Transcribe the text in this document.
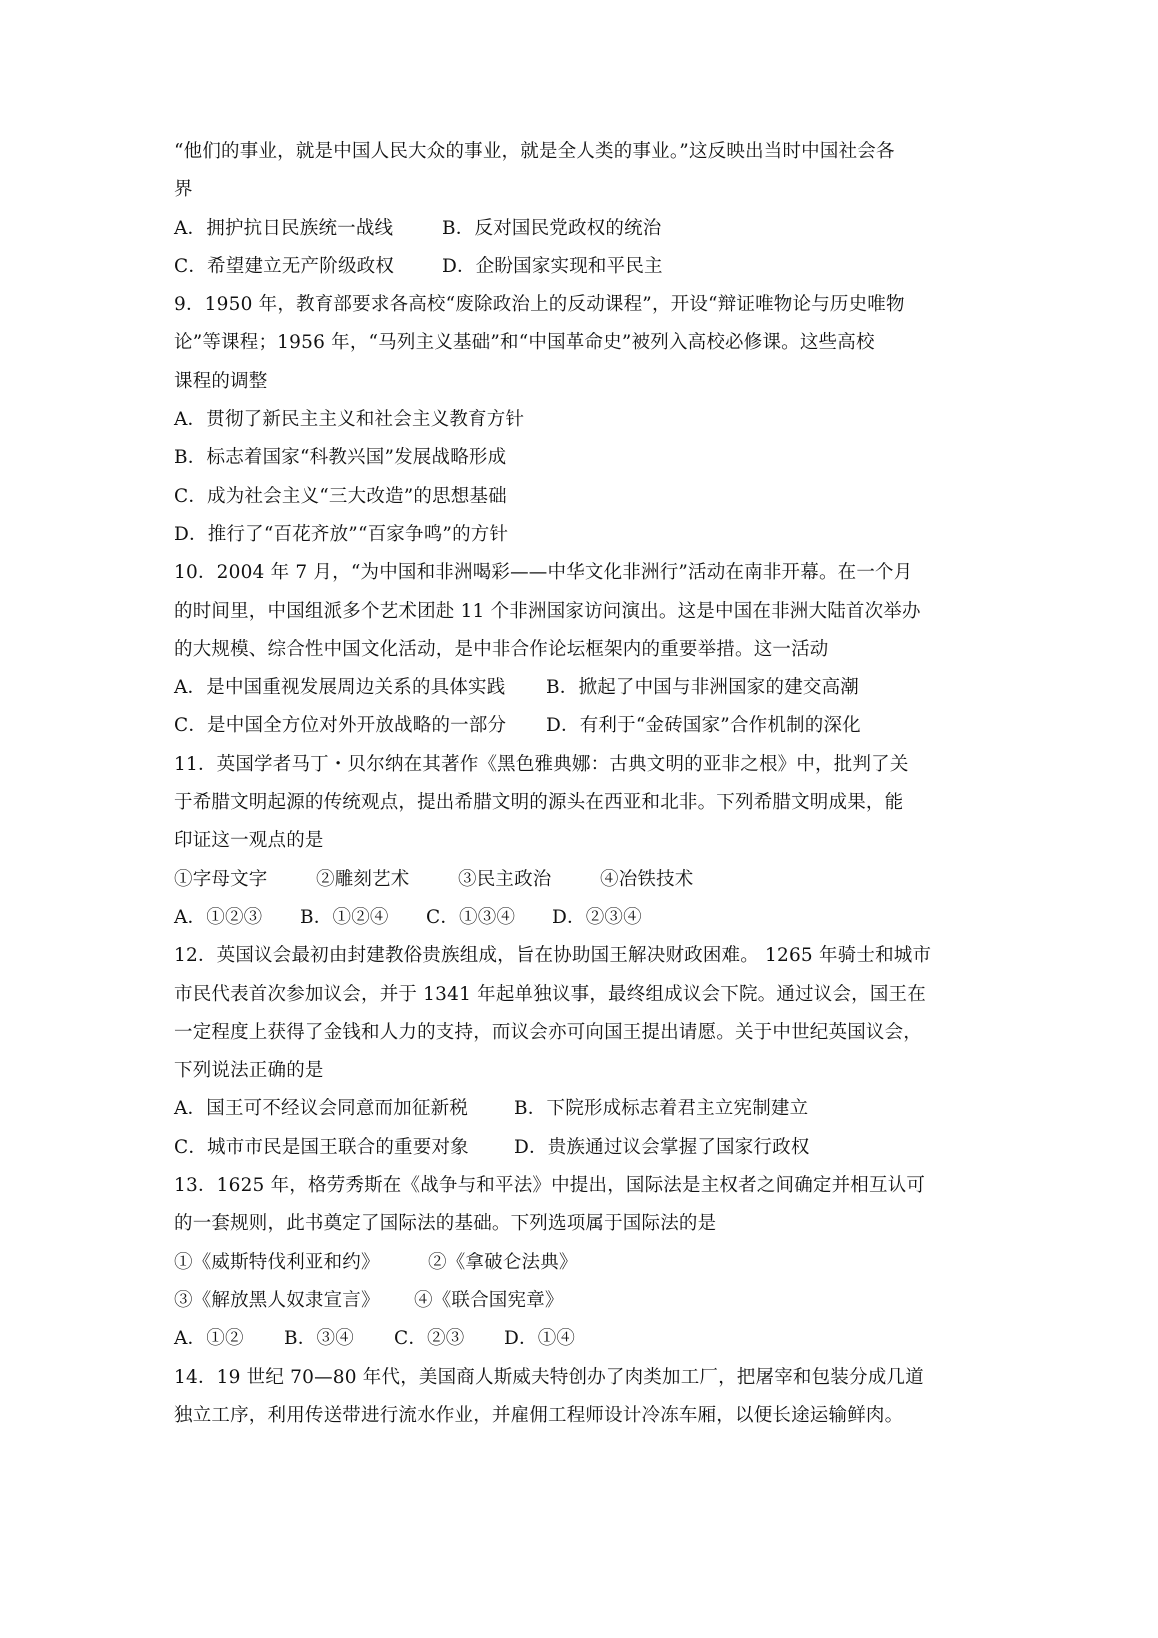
“他们的事业，就是中国人民大众的事业，就是全人类的事业。”这反映出当时中国社会各
界
A．拥护抗日民族统一战线	B．反对国民党政权的统治
C．希望建立无产阶级政权	D．企盼国家实现和平民主
9．1950 年，教育部要求各高校“废除政治上的反动课程”，开设“辩证唯物论与历史唯物
论”等课程；1956 年，“马列主义基础”和“中国革命史”被列入高校必修课。这些高校
课程的调整
A．贯彻了新民主主义和社会主义教育方针
B．标志着国家“科教兴国”发展战略形成
C．成为社会主义“三大改造”的思想基础
D．推行了“百花齐放”“百家争鸣”的方针
10．2004 年 7 月，“为中国和非洲喝彩——中华文化非洲行”活动在南非开幕。在一个月
的时间里，中国组派多个艺术团赴 11 个非洲国家访问演出。这是中国在非洲大陆首次举办
的大规模、综合性中国文化活动，是中非合作论坛框架内的重要举措。这一活动
A．是中国重视发展周边关系的具体实践 B．掀起了中国与非洲国家的建交高潮
C．是中国全方位对外开放战略的一部分 D．有利于“金砖国家”合作机制的深化
11．英国学者马丁・贝尔纳在其著作《黑色雅典娜：古典文明的亚非之根》中，批判了关
于希腊文明起源的传统观点，提出希腊文明的源头在西亚和北非。下列希腊文明成果，能
印证这一观点的是
①字母文字	②雕刻艺术	③民主政治	④冶铁技术
A．①②③ B．①②④ C．①③④ D．②③④
12．英国议会最初由封建教俗贵族组成，旨在协助国王解决财政困难。 1265 年骑士和城市
市民代表首次参加议会，并于 1341 年起单独议事，最终组成议会下院。通过议会，国王在
一定程度上获得了金钱和人力的支持，而议会亦可向国王提出请愿。关于中世纪英国议会，
下列说法正确的是
A．国王可不经议会同意而加征新税 B．下院形成标志着君主立宪制建立
C．城市市民是国王联合的重要对象 D．贵族通过议会掌握了国家行政权
13．1625 年，格劳秀斯在《战争与和平法》中提出，国际法是主权者之间确定并相互认可
的一套规则，此书奠定了国际法的基础。下列选项属于国际法的是
①《威斯特伐利亚和约》	②《拿破仑法典》
③《解放黑人奴隶宣言》 ④《联合国宪章》
A．①② B．③④ C．②③ D．①④
14．19 世纪 70—80 年代，美国商人斯威夫特创办了肉类加工厂，把屠宰和包装分成几道
独立工序，利用传送带进行流水作业，并雇佣工程师设计冷冻车厢，以便长途运输鲜肉。
